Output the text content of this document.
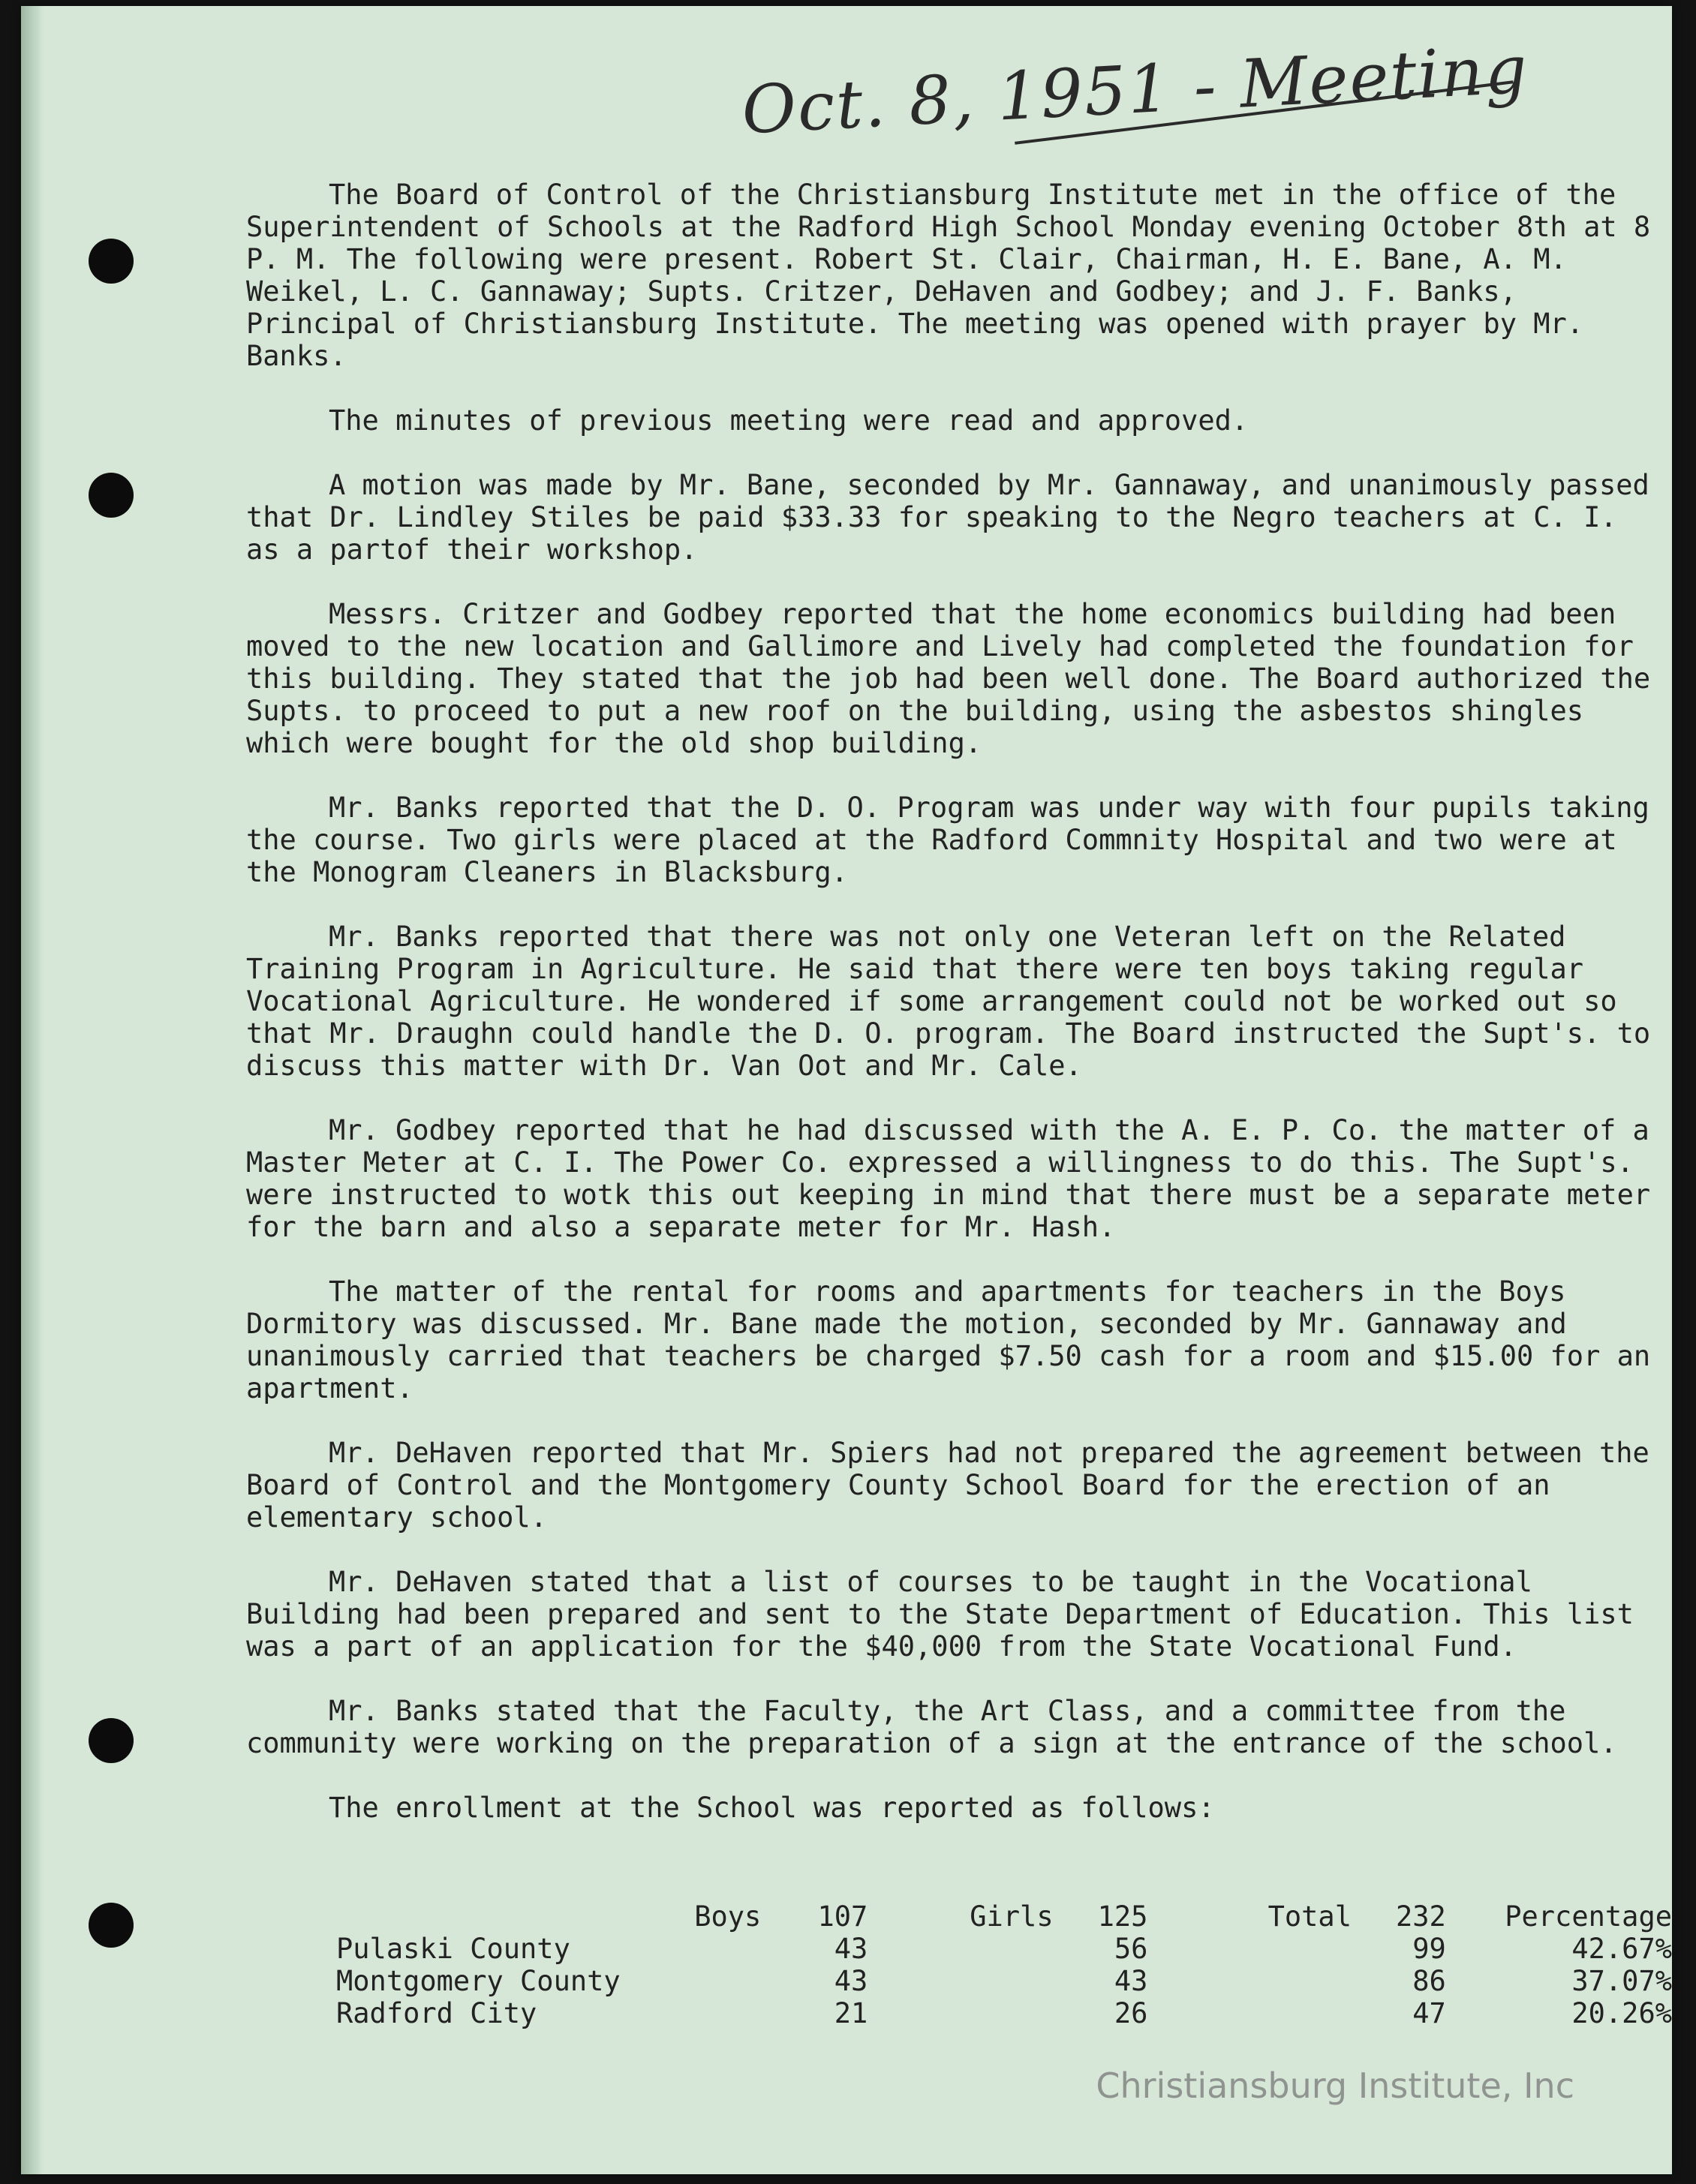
Oct. 8, 1951 - Meeting

The Board of Control of the Christiansburg Institute met in the office of the Superintendent of Schools at the Radford High School Monday evening October 8th at 8 P. M. The following were present. Robert St. Clair, Chairman, H. E. Bane, A. M. Weikel, L. C. Gannaway; Supts. Critzer, DeHaven and Godbey; and J. F. Banks, Principal of Christiansburg Institute. The meeting was opened with prayer by Mr. Banks.

The minutes of previous meeting were read and approved.

A motion was made by Mr. Bane, seconded by Mr. Gannaway, and unanimously passed that Dr. Lindley Stiles be paid $33.33 for speaking to the Negro teachers at C. I. as a partof their workshop.

Messrs. Critzer and Godbey reported that the home economics building had been moved to the new location and Gallimore and Lively had completed the foundation for this building. They stated that the job had been well done. The Board authorized the Supts. to proceed to put a new roof on the building, using the asbestos shingles which were bought for the old shop building.

Mr. Banks reported that the D. O. Program was under way with four pupils taking the course. Two girls were placed at the Radford Commnity Hospital and two were at the Monogram Cleaners in Blacksburg.

Mr. Banks reported that there was not only one Veteran left on the Related Training Program in Agriculture. He said that there were ten boys taking regular Vocational Agriculture. He wondered if some arrangement could not be worked out so that Mr. Draughn could handle the D. O. program. The Board instructed the Supt's. to discuss this matter with Dr. Van Oot and Mr. Cale.

Mr. Godbey reported that he had discussed with the A. E. P. Co. the matter of a Master Meter at C. I. The Power Co. expressed a willingness to do this. The Supt's. were instructed to wotk this out keeping in mind that there must be a separate meter for the barn and also a separate meter for Mr. Hash.

The matter of the rental for rooms and apartments for teachers in the Boys Dormitory was discussed. Mr. Bane made the motion, seconded by Mr. Gannaway and unanimously carried that teachers be charged $7.50 cash for a room and $15.00 for an apartment.

Mr. DeHaven reported that Mr. Spiers had not prepared the agreement between the Board of Control and the Montgomery County School Board for the erection of an elementary school.

Mr. DeHaven stated that a list of courses to be taught in the Vocational Building had been prepared and sent to the State Department of Education. This list was a part of an application for the $40,000 from the State Vocational Fund.

Mr. Banks stated that the Faculty, the Art Class, and a committee from the community were working on the preparation of a sign at the entrance of the school.

The enrollment at the School was reported as follows:

	Boys	107	Girls	125	Total	232	Percentage
Pulaski County		43		56		99	42.67%
Montgomery County		43		43		86	37.07%
Radford City		21		26		47	20.26%
Christiansburg Institute, Inc
